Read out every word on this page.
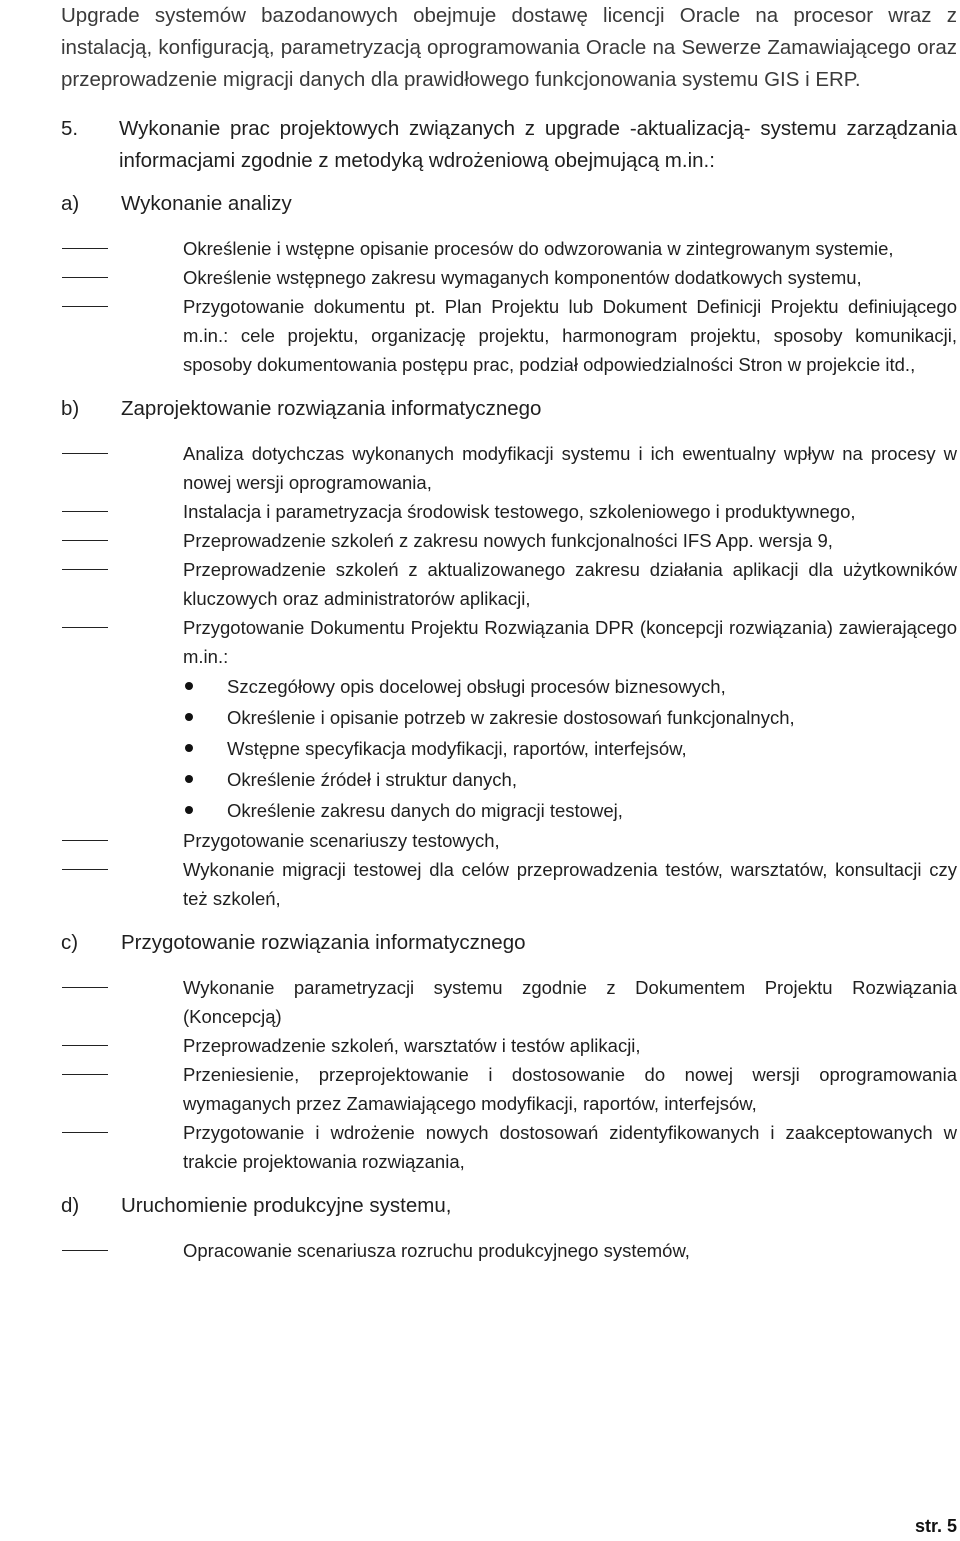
Upgrade systemów bazodanowych obejmuje dostawę licencji Oracle na procesor wraz z instalacją, konfiguracją, parametryzacją oprogramowania Oracle na Sewerze Zamawiającego oraz przeprowadzenie migracji danych dla prawidłowego funkcjonowania systemu GIS i ERP.

5.	Wykonanie prac projektowych związanych z upgrade -aktualizacją- systemu zarządzania informacjami zgodnie z metodyką wdrożeniową obejmującą m.in.:
a)	Wykonanie analizy
Określenie i wstępne opisanie procesów do odwzorowania w zintegrowanym systemie,
Określenie wstępnego zakresu wymaganych komponentów dodatkowych systemu,
Przygotowanie dokumentu pt. Plan Projektu lub Dokument Definicji Projektu definiującego m.in.: cele projektu, organizację projektu, harmonogram projektu, sposoby komunikacji, sposoby dokumentowania postępu prac, podział odpowiedzialności Stron w projekcie itd.,
b)	Zaprojektowanie rozwiązania informatycznego
Analiza dotychczas wykonanych modyfikacji systemu i ich ewentualny wpływ na procesy w nowej wersji oprogramowania,
Instalacja i parametryzacja środowisk testowego, szkoleniowego i produktywnego,
Przeprowadzenie szkoleń z zakresu nowych funkcjonalności IFS App. wersja 9,
Przeprowadzenie szkoleń z aktualizowanego zakresu działania aplikacji dla użytkowników kluczowych oraz administratorów aplikacji,
Przygotowanie Dokumentu Projektu Rozwiązania DPR (koncepcji rozwiązania) zawierającego m.in.:
Szczegółowy opis docelowej obsługi procesów biznesowych,
Określenie i opisanie potrzeb w zakresie dostosowań funkcjonalnych,
Wstępne specyfikacja modyfikacji, raportów, interfejsów,
Określenie źródeł i struktur danych,
Określenie zakresu danych do migracji testowej,
Przygotowanie scenariuszy testowych,
Wykonanie migracji testowej dla celów przeprowadzenia testów, warsztatów, konsultacji czy też szkoleń,
c)	Przygotowanie rozwiązania informatycznego
Wykonanie parametryzacji systemu zgodnie z Dokumentem Projektu Rozwiązania (Koncepcją)
Przeprowadzenie szkoleń, warsztatów i testów aplikacji,
Przeniesienie, przeprojektowanie i dostosowanie do nowej wersji oprogramowania wymaganych przez Zamawiającego modyfikacji, raportów, interfejsów,
Przygotowanie i wdrożenie nowych dostosowań zidentyfikowanych i zaakceptowanych w trakcie projektowania rozwiązania,
d)	Uruchomienie produkcyjne systemu,
Opracowanie scenariusza rozruchu produkcyjnego systemów,
str. 5
